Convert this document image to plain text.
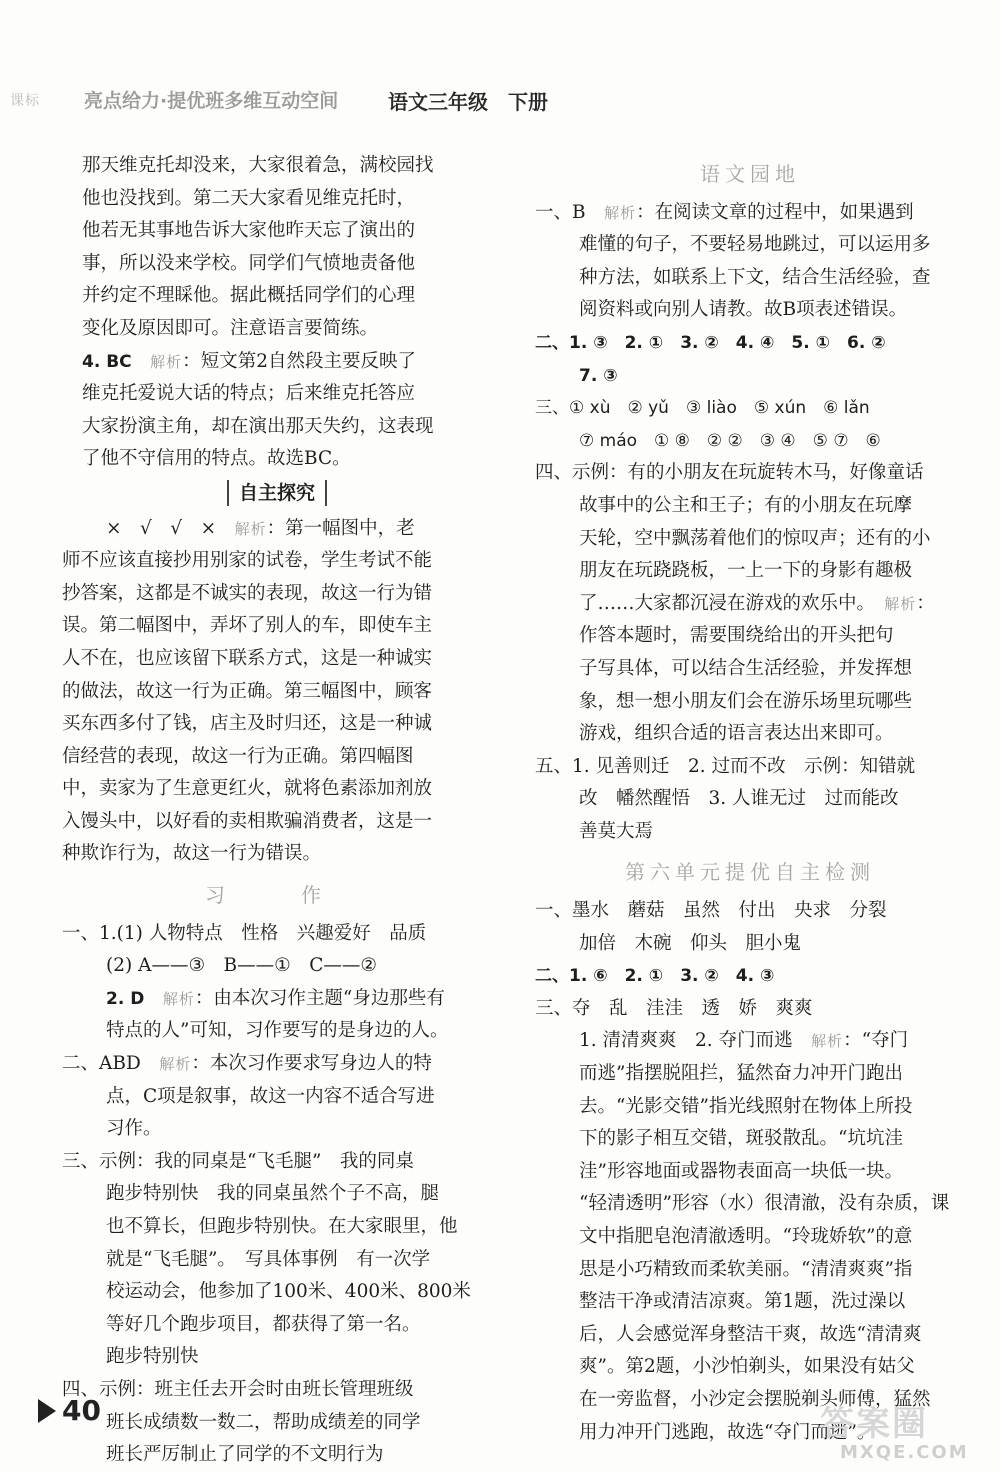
课标 亮点给力·提优班多维互动空间 语文三年级 下册

那天维克托却没来，大家很着急，满校园找

他也没找到。第二天大家看见维克托时，

他若无其事地告诉大家他昨天忘了演出的

事，所以没来学校。同学们气愤地责备他

并约定不理睬他。据此概括同学们的心理

变化及原因即可。注意语言要简练。

4. BC　 解析：短文第2自然段主要反映了

维克托爱说大话的特点；后来维克托答应

大家扮演主角，却在演出那天失约，这表现

了他不守信用的特点。故选BC。

自主探究

×　√　√　×　 解析：第一幅图中，老

师不应该直接抄用别家的试卷，学生考试不能

抄答案，这都是不诚实的表现，故这一行为错

误。第二幅图中，弄坏了别人的车，即使车主

人不在，也应该留下联系方式，这是一种诚实

的做法，故这一行为正确。第三幅图中，顾客

买东西多付了钱，店主及时归还，这是一种诚

信经营的表现，故这一行为正确。第四幅图

中，卖家为了生意更红火，就将色素添加剂放

入馒头中，以好看的卖相欺骗消费者，这是一

种欺诈行为，故这一行为错误。

习　作

一、1.(1) 人物特点　性格　兴趣爱好　品质

(2) A——③　B——①　C——②

2. D　 解析：由本次习作主题“身边那些有

特点的人”可知，习作要写的是身边的人。

二、ABD　 解析：本次习作要求写身边人的特

点，C项是叙事，故这一内容不适合写进

习作。

三、示例：我的同桌是“飞毛腿”　我的同桌

跑步特别快　我的同桌虽然个子不高，腿

也不算长，但跑步特别快。在大家眼里，他

就是“飞毛腿”。　写具体事例　有一次学

校运动会，他参加了100米、400米、800米

等好几个跑步项目，都获得了第一名。

跑步特别快

四、示例：班主任去开会时由班长管理班级

班长成绩数一数二，帮助成绩差的同学

班长严厉制止了同学的不文明行为

语文园地

一、B　 解析：在阅读文章的过程中，如果遇到

难懂的句子，不要轻易地跳过，可以运用多

种方法，如联系上下文，结合生活经验，查

阅资料或向别人请教。故B项表述错误。

二、1. ③　2. ①　3. ②　4. ④　5. ①　6. ②

7. ③

三、① xù　② yǔ　③ liào　⑤ xún　⑥ lǎn

⑦ máo　① ⑧　② ②　③ ④　⑤ ⑦　⑥

四、示例：有的小朋友在玩旋转木马，好像童话

故事中的公主和王子；有的小朋友在玩摩

天轮，空中飘荡着他们的惊叹声；还有的小

朋友在玩跷跷板，一上一下的身影有趣极

了……大家都沉浸在游戏的欢乐中。　 解析：

作答本题时，需要围绕给出的开头把句

子写具体，可以结合生活经验，并发挥想

象，想一想小朋友们会在游乐场里玩哪些

游戏，组织合适的语言表达出来即可。

五、1. 见善则迁　2. 过而不改　示例：知错就

改　幡然醒悟　3. 人谁无过　过而能改

善莫大焉

第六单元提优自主检测

一、墨水　蘑菇　虽然　付出　央求　分裂

加倍　木碗　仰头　胆小鬼

二、1. ⑥　2. ①　3. ②　4. ③

三、夺　乱　洼洼　透　娇　爽爽

1. 清清爽爽　2. 夺门而逃　 解析：“夺门

而逃”指摆脱阻拦，猛然奋力冲开门跑出

去。“光影交错”指光线照射在物体上所投

下的影子相互交错，斑驳散乱。“坑坑洼

洼”形容地面或器物表面高一块低一块。

“轻清透明”形容（水）很清澈，没有杂质，课

文中指肥皂泡清澈透明。“玲珑娇软”的意

思是小巧精致而柔软美丽。“清清爽爽”指

整洁干净或清洁凉爽。第1题，洗过澡以

后，人会感觉浑身整洁干爽，故选“清清爽

爽”。第2题，小沙怕剃头，如果没有姑父

在一旁监督，小沙定会摆脱剃头师傅，猛然

用力冲开门逃跑，故选“夺门而逃”。

40	答案圈
MXQE.COM
